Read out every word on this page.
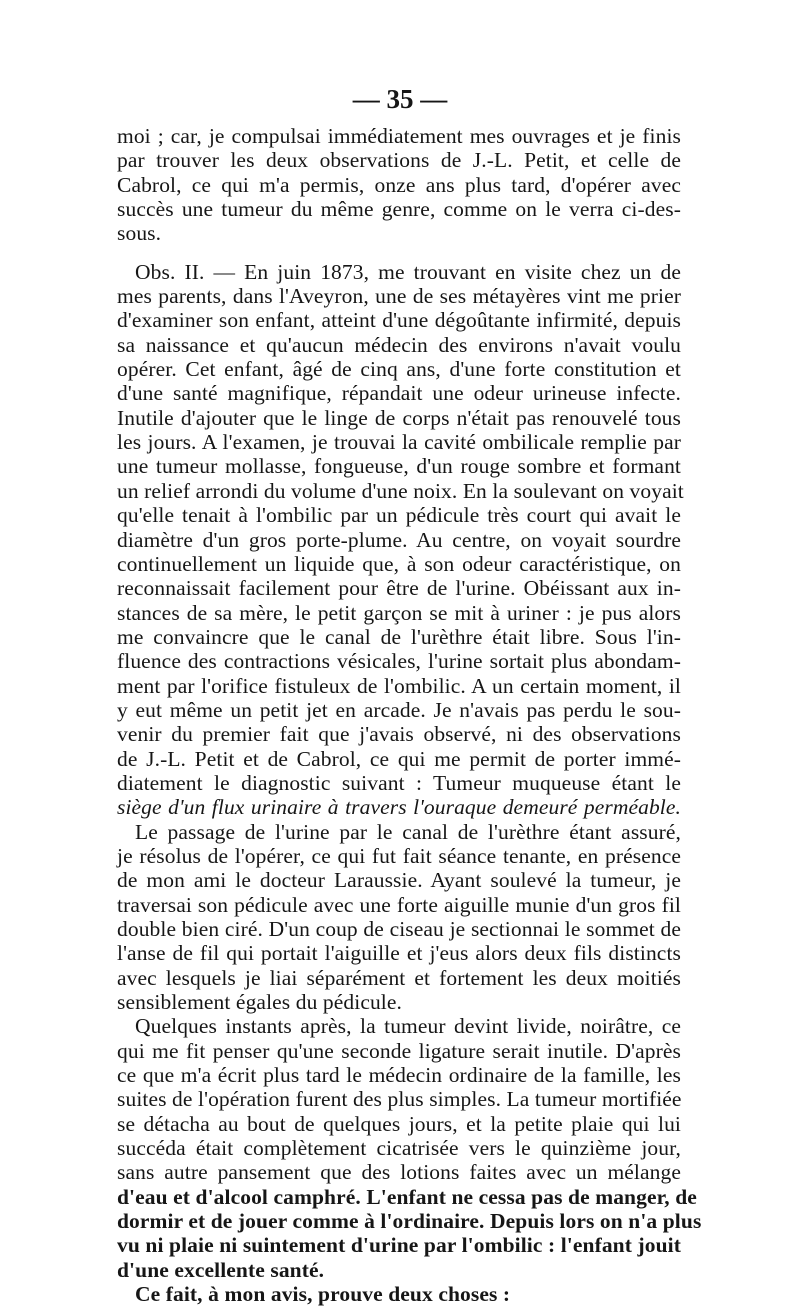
— 35 —
moi ; car, je compulsai immédiatement mes ouvrages et je finis
par trouver les deux observations de J.-L. Petit, et celle de
Cabrol, ce qui m'a permis, onze ans plus tard, d'opérer avec
succès une tumeur du même genre, comme on le verra ci-des-
sous.
Obs. II. — En juin 1873, me trouvant en visite chez un de
mes parents, dans l'Aveyron, une de ses métayères vint me prier
d'examiner son enfant, atteint d'une dégoûtante infirmité, depuis
sa naissance et qu'aucun médecin des environs n'avait voulu
opérer. Cet enfant, âgé de cinq ans, d'une forte constitution et
d'une santé magnifique, répandait une odeur urineuse infecte.
Inutile d'ajouter que le linge de corps n'était pas renouvelé tous
les jours. A l'examen, je trouvai la cavité ombilicale remplie par
une tumeur mollasse, fongueuse, d'un rouge sombre et formant
un relief arrondi du volume d'une noix. En la soulevant on voyait
qu'elle tenait à l'ombilic par un pédicule très court qui avait le
diamètre d'un gros porte-plume. Au centre, on voyait sourdre
continuellement un liquide que, à son odeur caractéristique, on
reconnaissait facilement pour être de l'urine. Obéissant aux in-
stances de sa mère, le petit garçon se mit à uriner : je pus alors
me convaincre que le canal de l'urèthre était libre. Sous l'in-
fluence des contractions vésicales, l'urine sortait plus abondam-
ment par l'orifice fistuleux de l'ombilic. A un certain moment, il
y eut même un petit jet en arcade. Je n'avais pas perdu le sou-
venir du premier fait que j'avais observé, ni des observations
de J.-L. Petit et de Cabrol, ce qui me permit de porter immé-
diatement le diagnostic suivant : Tumeur muqueuse étant le
siège d'un flux urinaire à travers l'ouraque demeuré perméable.
Le passage de l'urine par le canal de l'urèthre étant assuré,
je résolus de l'opérer, ce qui fut fait séance tenante, en présence
de mon ami le docteur Laraussie. Ayant soulevé la tumeur, je
traversai son pédicule avec une forte aiguille munie d'un gros fil
double bien ciré. D'un coup de ciseau je sectionnai le sommet de
l'anse de fil qui portait l'aiguille et j'eus alors deux fils distincts
avec lesquels je liai séparément et fortement les deux moitiés
sensiblement égales du pédicule.
Quelques instants après, la tumeur devint livide, noirâtre, ce
qui me fit penser qu'une seconde ligature serait inutile. D'après
ce que m'a écrit plus tard le médecin ordinaire de la famille, les
suites de l'opération furent des plus simples. La tumeur mortifiée
se détacha au bout de quelques jours, et la petite plaie qui lui
succéda était complètement cicatrisée vers le quinzième jour,
sans autre pansement que des lotions faites avec un mélange
d'eau et d'alcool camphré. L'enfant ne cessa pas de manger, de
dormir et de jouer comme à l'ordinaire. Depuis lors on n'a plus
vu ni plaie ni suintement d'urine par l'ombilic : l'enfant jouit
d'une excellente santé.
Ce fait, à mon avis, prouve deux choses :
